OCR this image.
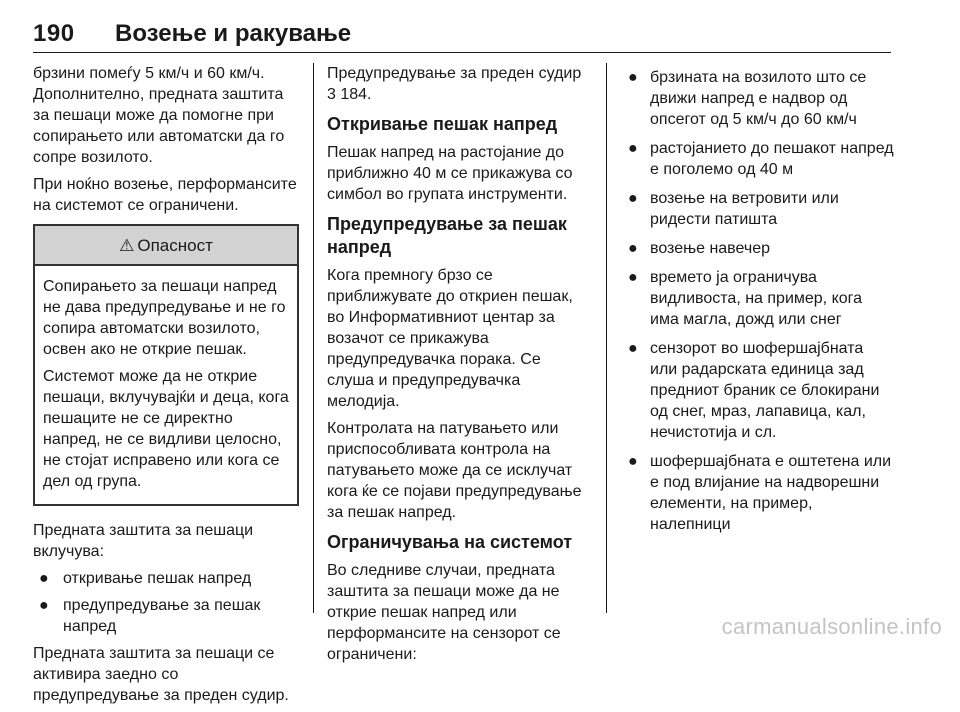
190 Возење и ракување

брзини помеѓу 5 км/ч и 60 км/ч. Дополнително, предната заштита за пешаци може да помогне при сопирањето или автоматски да го сопре возилото.

При ноќно возење, перформансите на системот се ограничени.

⚠ Опасност

Сопирањето за пешаци напред не дава предупредување и не го сопира автоматски возилото, освен ако не открие пешак.

Системот може да не открие пешаци, вклучувајќи и деца, кога пешаците не се директно напред, не се видливи целосно, не стојат исправено или кога се дел од група.

Предната заштита за пешаци вклучува:

● откривање пешак напред
● предупредување за пешак напред

Предната заштита за пешаци се активира заедно со предупредување за преден судир.

Предупредување за преден судир 3 184.

Откривање пешак напред

Пешак напред на растојание до приближно 40 м се прикажува со симбол во групата инструменти.

Предупредување за пешак напред

Кога премногу брзо се приближувате до откриен пешак, во Информативниот центар за возачот се прикажува предупредувачка порака. Се слуша и предупредувачка мелодија.

Контролата на патувањето или приспособливата контрола на патувањето може да се исклучат кога ќе се појави предупредување за пешак напред.

Ограничувања на системот

Во следниве случаи, предната заштита за пешаци може да не открие пешак напред или перформансите на сензорот се ограничени:

● брзината на возилото што се движи напред е надвор од опсегот од 5 км/ч до 60 км/ч
● растојанието до пешакот напред е поголемо од 40 м
● возење на ветровити или ридести патишта
● возење навечер
● времето ја ограничува видливоста, на пример, кога има магла, дожд или снег
● сензорот во шофершајбната или радарската единица зад предниот браник се блокирани од снег, мраз, лапавица, кал, нечистотија и сл.
● шофершајбната е оштетена или е под влијание на надворешни елементи, на пример, налепници
carmanualsonline.info
